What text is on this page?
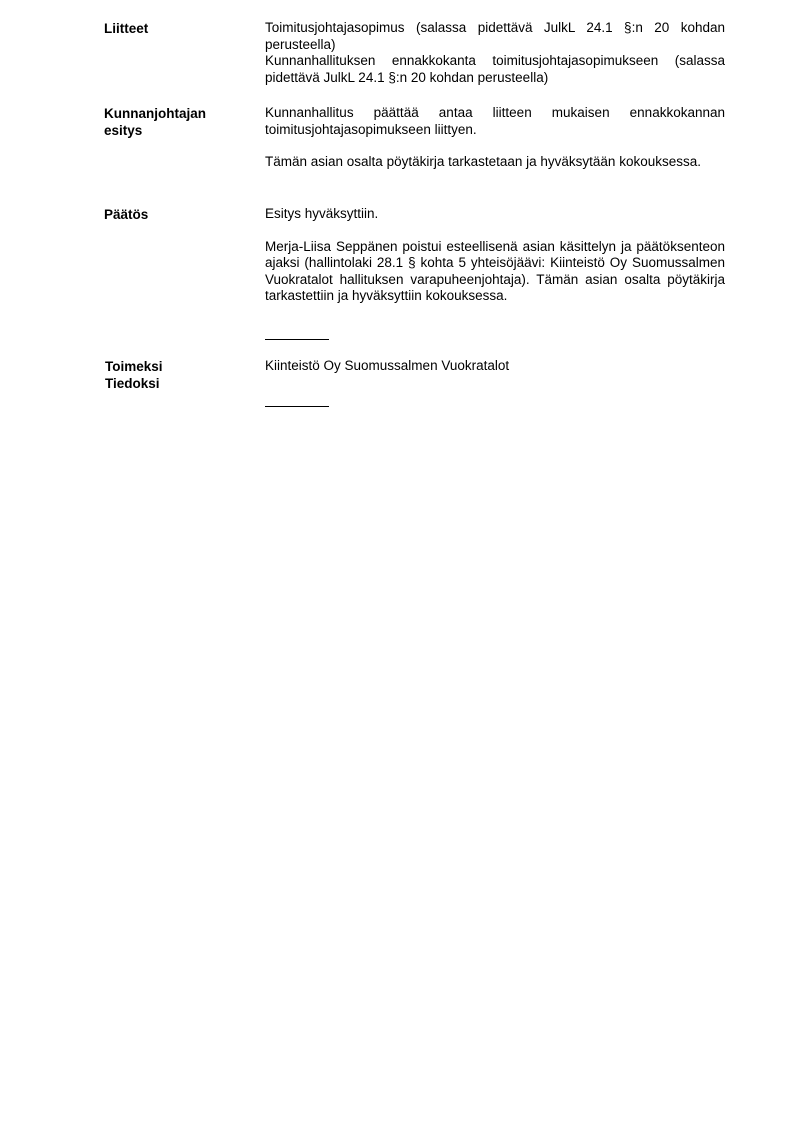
Liitteet	Toimitusjohtajasopimus (salassa pidettävä JulkL 24.1 §:n 20 kohdan perusteella)

Kunnanhallituksen ennakkokanta toimitusjohtajasopimukseen (salassa pidettävä JulkL 24.1 §:n 20 kohdan perusteella)

Kunnanjohtajan
esitys

Kunnanhallitus päättää antaa liitteen mukaisen ennakkokannan toimitusjohtajasopimukseen liittyen.

Tämän asian osalta pöytäkirja tarkastetaan ja hyväksytään kokouksessa.

Päätös	Esitys hyväksyttiin.

Merja-Liisa Seppänen poistui esteellisenä asian käsittelyn ja päätöksenteon ajaksi (hallintolaki 28.1 § kohta 5 yhteisöjäävi: Kiinteistö Oy Suomussalmen Vuokratalot hallituksen varapuheenjohtaja). Tämän asian osalta pöytäkirja tarkastettiin ja hyväksyttiin kokouksessa.

Toimeksi
Tiedoksi

Kiinteistö Oy Suomussalmen Vuokratalot
